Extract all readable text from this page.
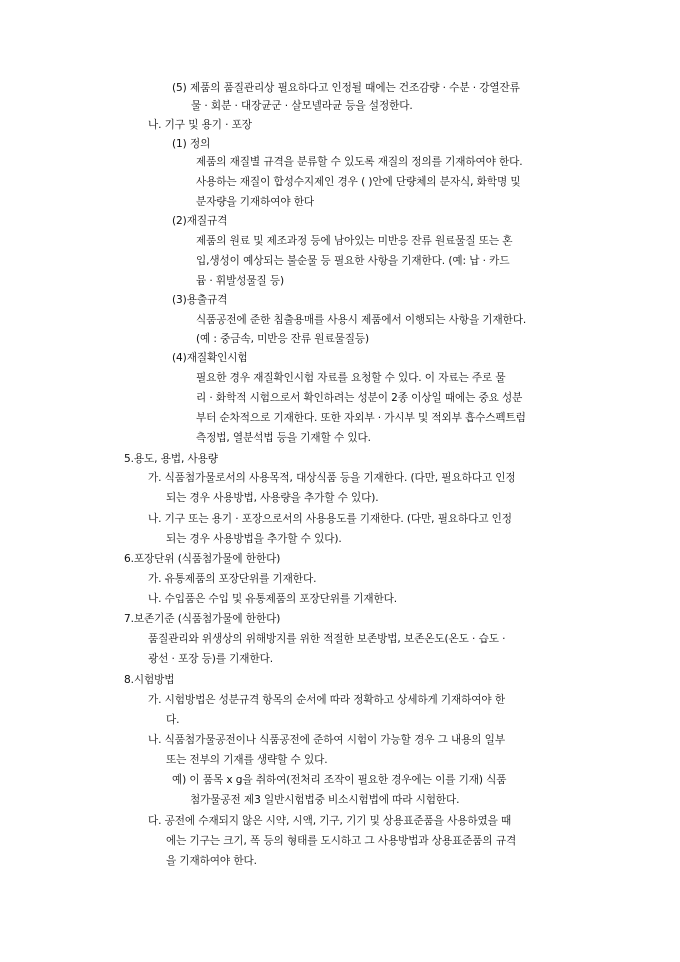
(5) 제품의 품질관리상 필요하다고 인정될 때에는 건조감량 · 수분 · 강열잔류

물 · 회분 · 대장균군 · 살모넬라균 등을 설정한다.

나. 기구 및 용기 · 포장

(1) 정의

제품의 재질별 규격을 분류할 수 있도록 재질의 정의를 기재하여야 한다.

사용하는 재질이 합성수지제인 경우 ( )안에 단량체의 분자식, 화학명 및

분자량을 기재하여야 한다

(2)재질규격

제품의 원료 및 제조과정 등에 남아있는 미반응 잔류 원료물질 또는 혼

입,생성이 예상되는 불순물 등 필요한 사항을 기재한다. (예: 납 · 카드

뮴 · 휘발성물질 등)

(3)용출규격

식품공전에 준한 침출용매를 사용시 제품에서 이행되는 사항을 기재한다.

(예 : 중금속, 미반응 잔류 원료물질등)

(4)재질확인시험

필요한 경우 재질확인시험 자료를 요청할 수 있다. 이 자료는 주로 물

리 · 화학적 시험으로서 확인하려는 성분이 2종 이상일 때에는 중요 성분

부터 순차적으로 기재한다. 또한 자외부 · 가시부 및 적외부 흡수스펙트럼

측정법, 열분석법 등을 기재할 수 있다.

5.용도, 용법, 사용량

가. 식품첨가물로서의 사용목적, 대상식품 등을 기재한다. (다만, 필요하다고 인정

되는 경우 사용방법, 사용량을 추가할 수 있다).

나. 기구 또는 용기 · 포장으로서의 사용용도를 기재한다. (다만, 필요하다고 인정

되는 경우 사용방법을 추가할 수 있다).

6.포장단위 (식품첨가물에 한한다)

가. 유통제품의 포장단위를 기재한다.

나. 수입품은 수입 및 유통제품의 포장단위를 기재한다.

7.보존기준 (식품첨가물에 한한다)

품질관리와 위생상의 위해방지를 위한 적절한 보존방법, 보존온도(온도 · 습도 ·

광선 · 포장 등)를 기재한다.

8.시험방법

가. 시험방법은 성분규격 항목의 순서에 따라 정확하고 상세하게 기재하여야 한

다.

나. 식품첨가물공전이나 식품공전에 준하여 시험이 가능할 경우 그 내용의 일부

또는 전부의 기재를 생략할 수 있다.

예) 이 품목 x g을 취하여(전처리 조작이 필요한 경우에는 이를 기재) 식품

첨가물공전 제3 일반시험법중 비소시험법에 따라 시험한다.

다. 공전에 수재되지 않은 시약, 시액, 기구, 기기 및 상용표준품을 사용하였을 때

에는 기구는 크기, 폭 등의 형태를 도시하고 그 사용방법과 상용표준품의 규격

을 기재하여야 한다.
